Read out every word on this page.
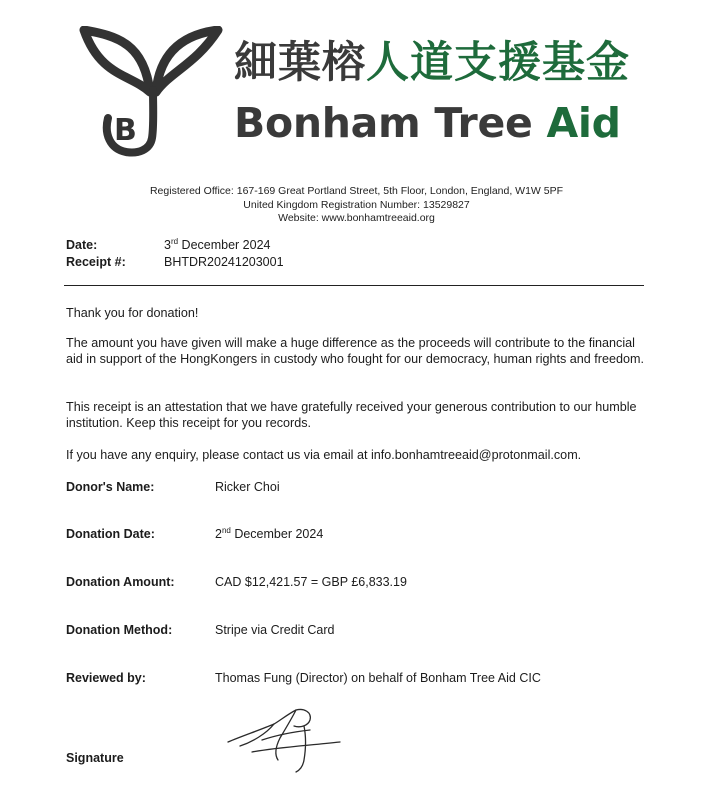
B
細葉榕人道支援基金
Bonham Tree Aid
Registered Office: 167-169 Great Portland Street, 5th Floor, London, England, W1W 5PF
United Kingdom Registration Number: 13529827
Website: www.bonhamtreeaid.org
Date:	3rd December 2024
Receipt #:	BHTDR20241203001
Thank you for donation!
The amount you have given will make a huge difference as the proceeds will contribute to the financial aid in support of the HongKongers in custody who fought for our democracy, human rights and freedom.
This receipt is an attestation that we have gratefully received your generous contribution to our humble institution. Keep this receipt for you records.
If you have any enquiry, please contact us via email at info.bonhamtreeaid@protonmail.com.
Donor's Name:	Ricker Choi
Donation Date:	2nd December 2024
Donation Amount:	CAD $12,421.57 = GBP £6,833.19
Donation Method:	Stripe via Credit Card
Reviewed by:	Thomas Fung (Director) on behalf of Bonham Tree Aid CIC
Signature
